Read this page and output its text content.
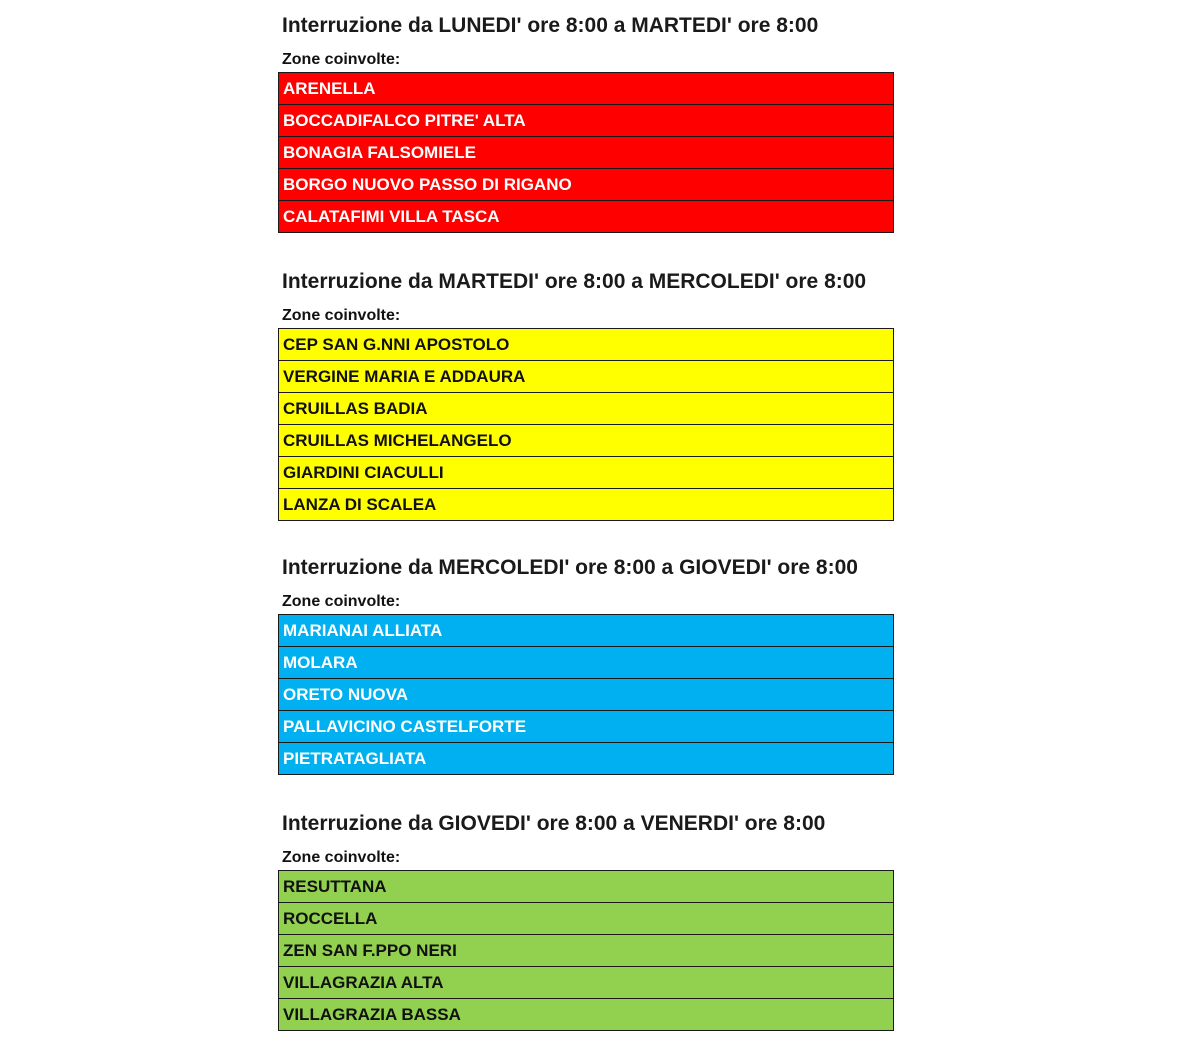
Interruzione da LUNEDI' ore 8:00 a MARTEDI' ore 8:00
Zone coinvolte:
ARENELLA
BOCCADIFALCO PITRE' ALTA
BONAGIA FALSOMIELE
BORGO NUOVO PASSO DI RIGANO
CALATAFIMI VILLA TASCA
Interruzione da MARTEDI' ore 8:00 a MERCOLEDI' ore 8:00
Zone coinvolte:
CEP SAN G.NNI APOSTOLO
VERGINE MARIA E ADDAURA
CRUILLAS BADIA
CRUILLAS MICHELANGELO
GIARDINI CIACULLI
LANZA DI SCALEA
Interruzione da MERCOLEDI' ore 8:00 a GIOVEDI' ore 8:00
Zone coinvolte:
MARIANAI ALLIATA
MOLARA
ORETO NUOVA
PALLAVICINO CASTELFORTE
PIETRATAGLIATA
Interruzione da GIOVEDI' ore 8:00 a VENERDI' ore 8:00
Zone coinvolte:
RESUTTANA
ROCCELLA
ZEN SAN F.PPO NERI
VILLAGRAZIA ALTA
VILLAGRAZIA BASSA
